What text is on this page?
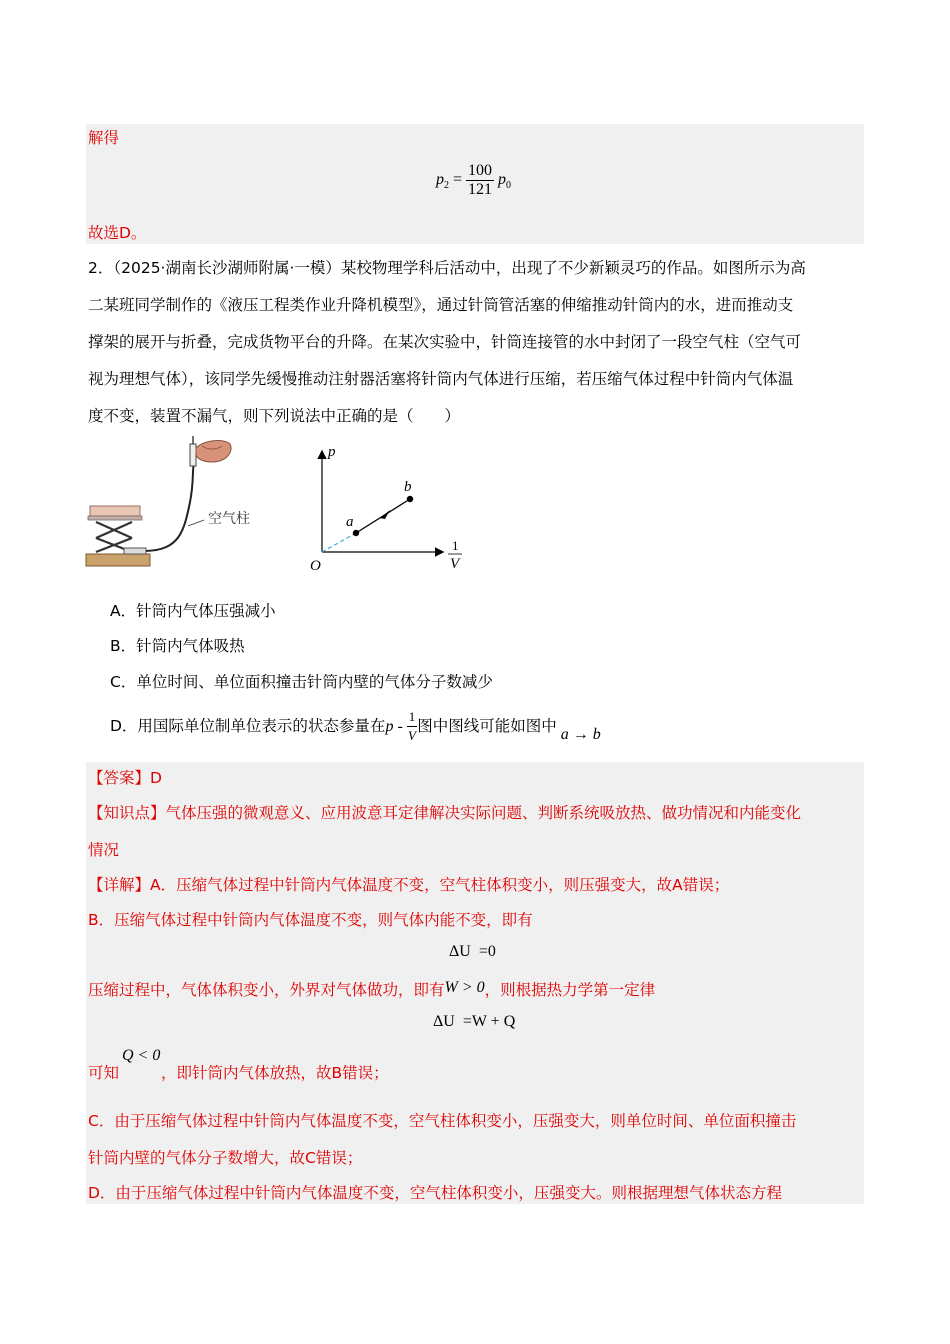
解得
$p_2 = \frac{100}{121} p_0$
故选D。
2．（2025·湖南长沙湖师附属·一模）某校物理学科后活动中，出现了不少新颖灵巧的作品。如图所示为高
二某班同学制作的《液压工程类作业升降机模型》，通过针筒管活塞的伸缩推动针筒内的水，进而推动支
撑架的展开与折叠，完成货物平台的升降。在某次实验中，针筒连接管的水中封闭了一段空气柱（空气可
视为理想气体），该同学先缓慢推动注射器活塞将针筒内气体进行压缩，若压缩气体过程中针筒内气体温
度不变，装置不漏气，则下列说法中正确的是（　　）
空气柱
p
a
b
O	V
1
A．针筒内气体压强减小
B．针筒内气体吸热
C．单位时间、单位面积撞击针筒内壁的气体分子数减少
D．用国际单位制单位表示的状态参量在p - $\frac{1}{V}$ 图中图线可能如图中 a → b
【答案】D
【知识点】气体压强的微观意义、应用波意耳定律解决实际问题、判断系统吸放热、做功情况和内能变化
情况
【详解】A．压缩气体过程中针筒内气体温度不变，空气柱体积变小，则压强变大，故A错误；
B．压缩气体过程中针筒内气体温度不变，则气体内能不变，即有
ΔU  =0
压缩过程中，气体体积变小，外界对气体做功，即有W > 0，则根据热力学第一定律
ΔU  =W + Q
Q < 0
可知	，即针筒内气体放热，故B错误；
C．由于压缩气体过程中针筒内气体温度不变，空气柱体积变小，压强变大，则单位时间、单位面积撞击
针筒内壁的气体分子数增大，故C错误；
D．由于压缩气体过程中针筒内气体温度不变，空气柱体积变小，压强变大。则根据理想气体状态方程
